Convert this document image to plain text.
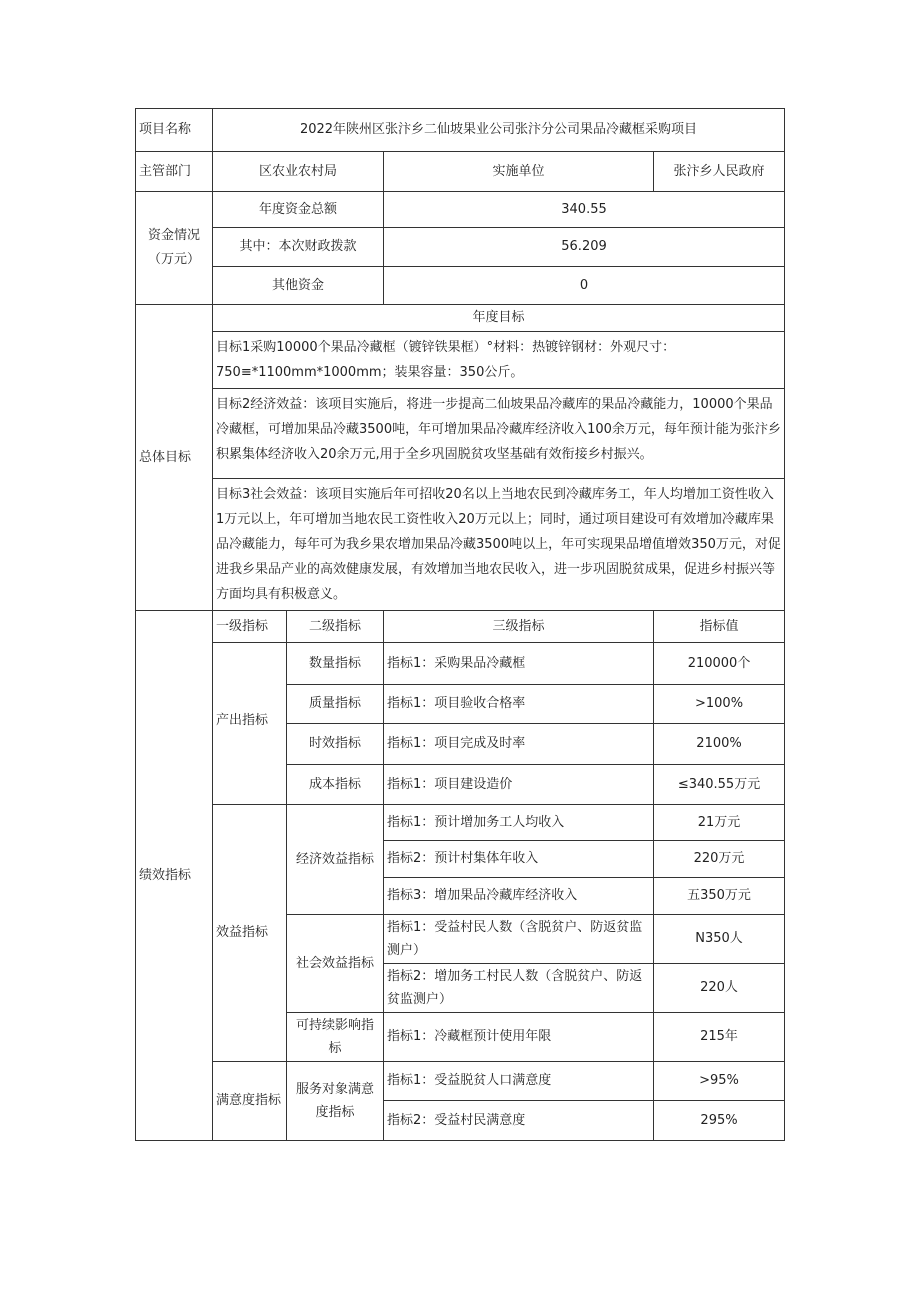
项目名称	2022年陕州区张汴乡二仙坡果业公司张汴分公司果品冷藏框采购项目			
主管部门	区农业农村局		实施单位	张汴乡人民政府
资金情况（万元）	年度资金总额		340.55	
	其中：本次财政拨款		56.209	
	其他资金		0	
总体目标	年度目标			
	目标1采购10000个果品冷藏框（镀锌铁果框）°材料：热镀锌钢材：外观尺寸：750≡*1100mm*1000mm；装果容量：350公斤。			
	目标2经济效益：该项目实施后，将进一步提高二仙坡果品冷藏库的果品冷藏能力，10000个果品冷藏框，可增加果品冷藏3500吨，年可增加果品冷藏库经济收入100余万元，每年预计能为张汴乡积累集体经济收入20余万元,用于全乡巩固脱贫攻坚基础有效衔接乡村振兴。			
	目标3社会效益：该项目实施后年可招收20名以上当地农民到冷藏库务工，年人均增加工资性收入1万元以上，年可增加当地农民工资性收入20万元以上；同时，通过项目建设可有效增加冷藏库果品冷藏能力，每年可为我乡果农增加果品冷藏3500吨以上，年可实现果品增值增效350万元，对促进我乡果品产业的高效健康发展，有效增加当地农民收入，进一步巩固脱贫成果，促进乡村振兴等方面均具有积极意义。			
绩效指标	一级指标	二级指标	三级指标	指标值
	产出指标	数量指标	指标1：采购果品冷藏框	210000个
		质量指标	指标1：项目验收合格率	>100%
		时效指标	指标1：项目完成及时率	2100%
		成本指标	指标1：项目建设造价	≤340.55万元
	效益指标	经济效益指标	指标1：预计增加务工人均收入	21万元
			指标2：预计村集体年收入	220万元
			指标3：增加果品冷藏库经济收入	五350万元
		社会效益指标	指标1：受益村民人数（含脱贫户、防返贫监测户）	N350人
			指标2：增加务工村民人数（含脱贫户、防返贫监测户）	220人
		可持续影响指标	指标1：冷藏框预计使用年限	215年
	满意度指标	服务对象满意度指标	指标1：受益脱贫人口满意度	>95%
			指标2：受益村民满意度	295%
